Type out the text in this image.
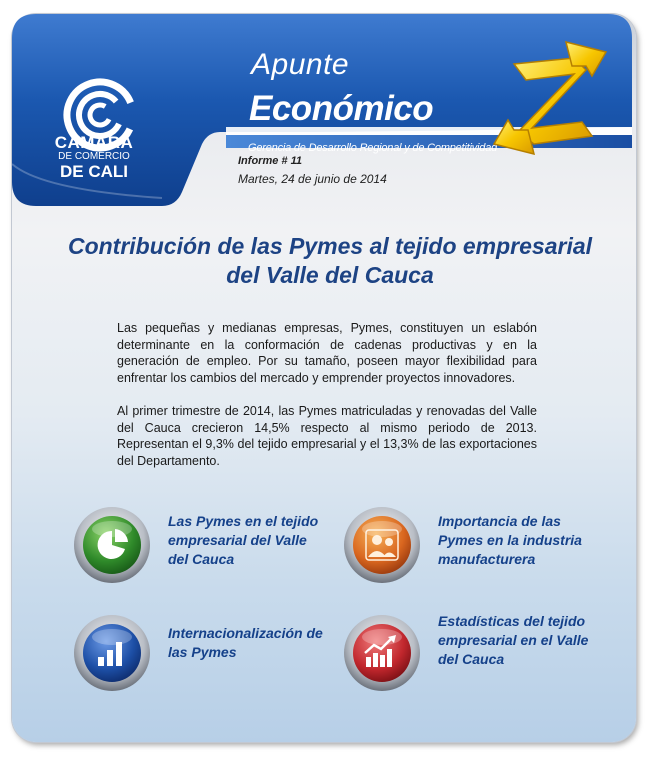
CAMARA
DE COMERCIO
DE CALI
Apunte
Económico
Gerencia de Desarrollo Regional y de Competitividad
Informe # 11
Martes, 24 de junio de 2014
Contribución de las Pymes al tejido empresarial del Valle del Cauca
Las pequeñas y medianas empresas, Pymes, constituyen un eslabón determinante en la conformación de cadenas productivas y en la generación de empleo. Por su tamaño, poseen mayor flexibilidad para enfrentar los cambios del mercado y emprender proyectos innovadores.
Al primer trimestre de 2014, las Pymes matriculadas y renovadas del Valle del Cauca crecieron 14,5% respecto al mismo periodo de 2013. Representan el 9,3% del tejido empresarial y el 13,3% de las exportaciones del Departamento.
Las Pymes en el tejido empresarial del Valle del Cauca
Importancia de las Pymes en la industria manufacturera
Internacionalización de las Pymes
Estadísticas del tejido empresarial en el Valle del Cauca
